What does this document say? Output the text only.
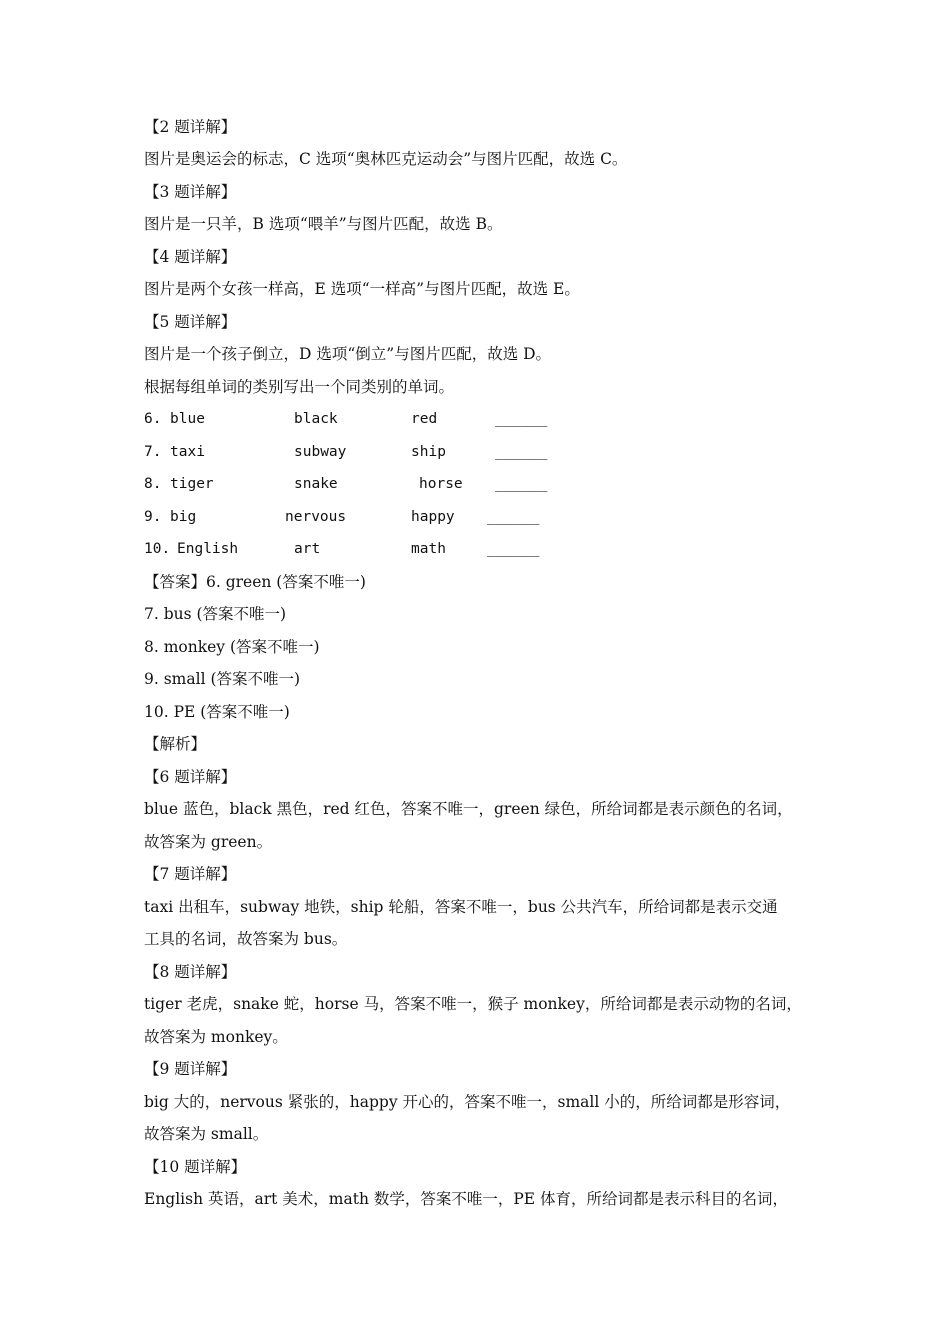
【2 题详解】
图片是奥运会的标志，C 选项“奥林匹克运动会”与图片匹配，故选 C。
【3 题详解】
图片是一只羊，B 选项“喂羊”与图片匹配，故选 B。
【4 题详解】
图片是两个女孩一样高，E 选项“一样高”与图片匹配，故选 E。
【5 题详解】
图片是一个孩子倒立，D 选项“倒立”与图片匹配，故选 D。
根据每组单词的类别写出一个同类别的单词。
6. blue	black	red	______
7. taxi	subway	ship	______
8. tiger	snake	horse ______
9. big	nervous	happy ______
10. English	art	math	______
【答案】6. green (答案不唯一)
7. bus (答案不唯一)
8. monkey (答案不唯一)
9. small (答案不唯一)
10. PE (答案不唯一)
【解析】
【6 题详解】
blue 蓝色，black 黑色，red 红色，答案不唯一，green 绿色，所给词都是表示颜色的名词，
故答案为 green。
【7 题详解】
taxi 出租车，subway 地铁，ship 轮船，答案不唯一，bus 公共汽车，所给词都是表示交通
工具的名词，故答案为 bus。
【8 题详解】
tiger 老虎，snake 蛇，horse 马，答案不唯一，猴子 monkey，所给词都是表示动物的名词，
故答案为 monkey。
【9 题详解】
big 大的，nervous 紧张的，happy 开心的，答案不唯一，small 小的，所给词都是形容词，
故答案为 small。
【10 题详解】
English 英语，art 美术，math 数学，答案不唯一，PE 体育，所给词都是表示科目的名词，
